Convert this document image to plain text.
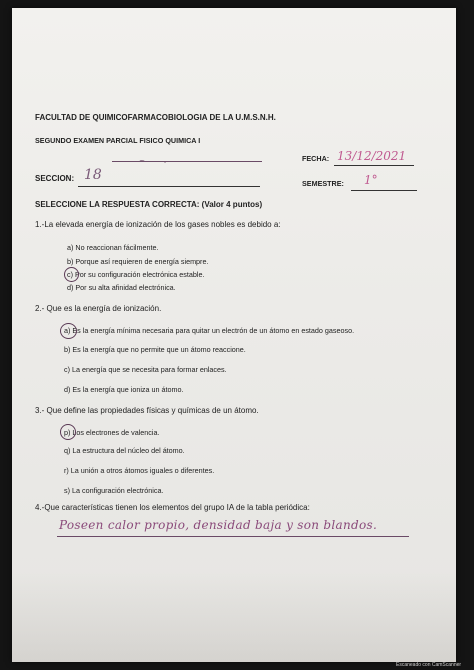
FACULTAD DE QUIMICOFARMACOBIOLOGIA DE LA U.M.S.N.H.
SEGUNDO EXAMEN PARCIAL FISICO QUIMICA I
— — ~ — —.— —	FECHA: 13/12/2021
SECCION: 18
SEMESTRE: 1°
SELECCIONE LA RESPUESTA CORRECTA: (Valor 4 puntos)
1.-La elevada energía de ionización de los gases nobles es debido a:
a) No reaccionan fácilmente.
b) Porque así requieren de energía siempre.
c) Por su configuración electrónica estable.
d) Por su alta afinidad electrónica.
2.- Que es la energía de ionización.
a) Es la energía mínima necesaria para quitar un electrón de un átomo en estado gaseoso.
b) Es la energía que no permite que un átomo reaccione.
c) La energía que se necesita para formar enlaces.
d) Es la energía que ioniza un átomo.
3.- Que define las propiedades físicas y químicas de un átomo.
p) Los electrones de valencia.
q) La estructura del núcleo del átomo.
r) La unión a otros átomos iguales o diferentes.
s) La configuración electrónica.
4.-Que características tienen los elementos del grupo IA de la tabla periódica:
Poseen calor propio, densidad baja y son blandos.
Escaneado con CamScanner
